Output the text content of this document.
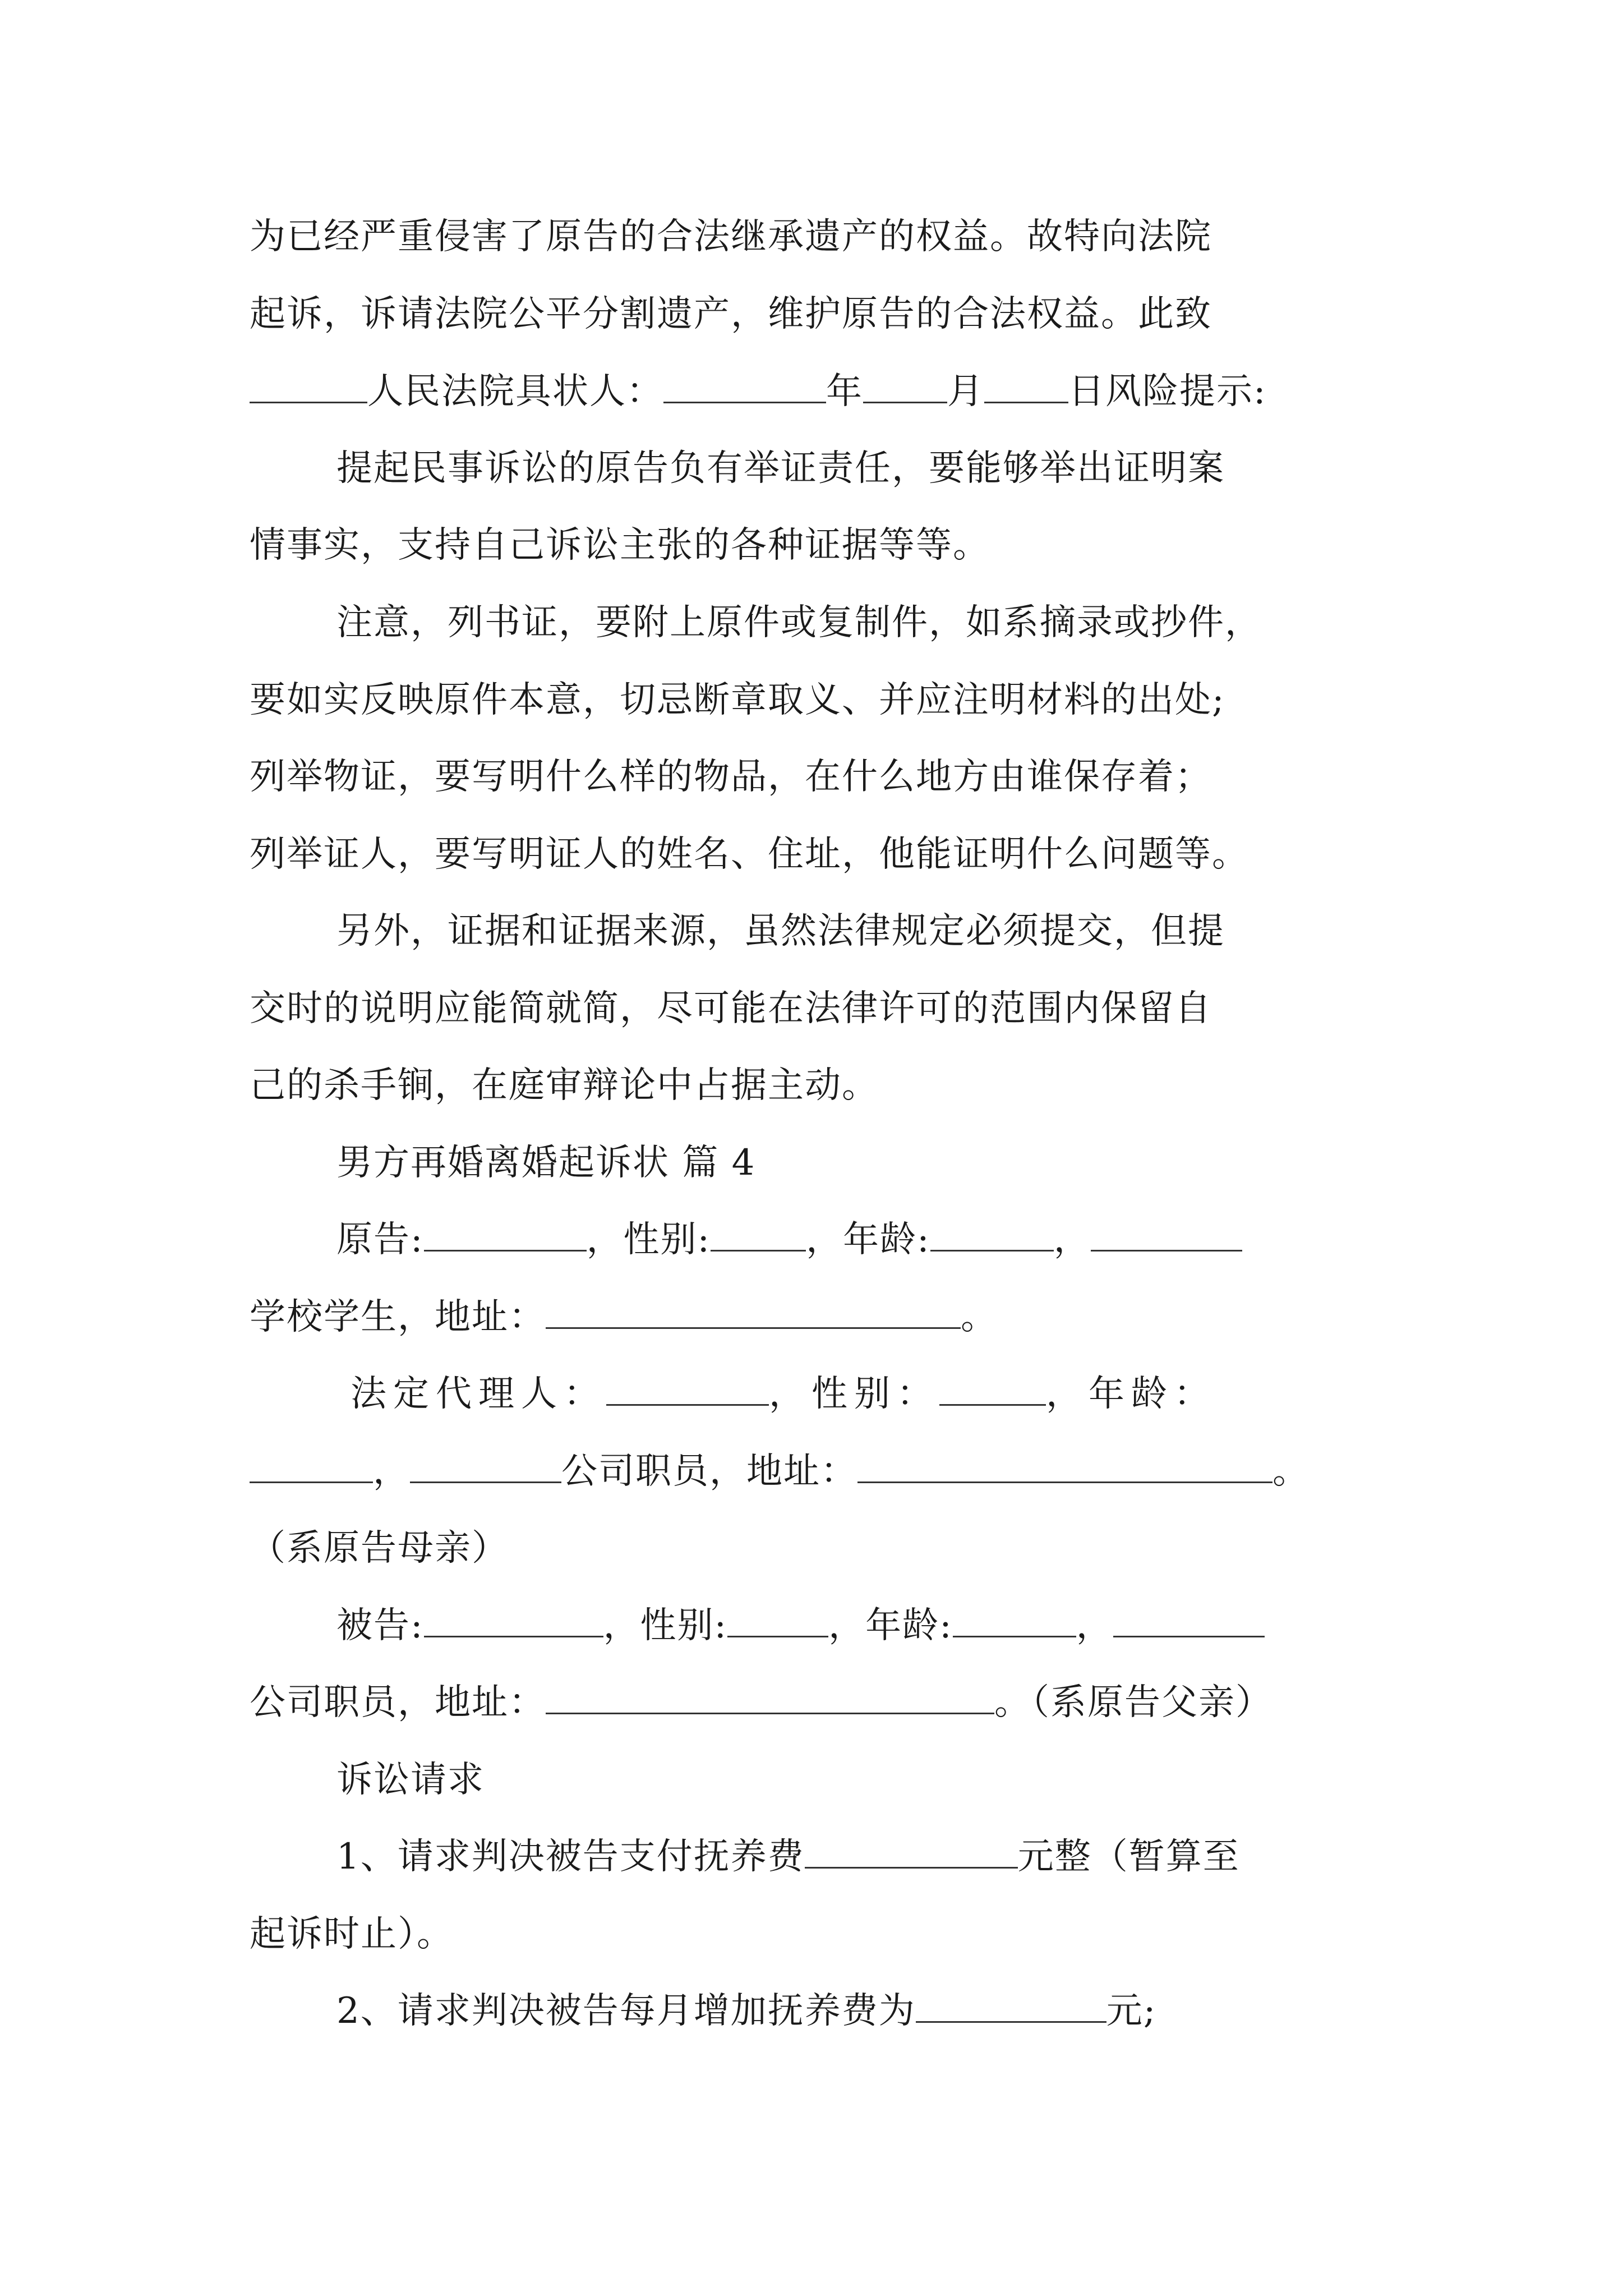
为已经严重侵害了原告的合法继承遗产的权益。故特向法院
起诉，诉请法院公平分割遗产，维护原告的合法权益。此致
人民法院具状人：	年 月 日风险提示:
提起民事诉讼的原告负有举证责任，要能够举出证明案
情事实，支持自己诉讼主张的各种证据等等。
注意，列书证，要附上原件或复制件，如系摘录或抄件，
要如实反映原件本意，切忌断章取义、并应注明材料的出处;
列举物证，要写明什么样的物品，在什么地方由谁保存着；
列举证人，要写明证人的姓名、住址，他能证明什么问题等。
另外，证据和证据来源，虽然法律规定必须提交，但提
交时的说明应能简就简，尽可能在法律许可的范围内保留自
己的杀手锏，在庭审辩论中占据主动。
男方再婚离婚起诉状 篇 4
原告:	，性别:	，年龄:	，
学校学生，地址：	。
法定代理人：	，性别：	，年龄：
，	公司职员，地址：	。
（系原告母亲）
被告:	，性别:	，年龄:	，
公司职员，地址：	。（系原告父亲）
诉讼请求
1、请求判决被告支付抚养费	元整（暂算至
起诉时止）。
2、请求判决被告每月增加抚养费为	元;
